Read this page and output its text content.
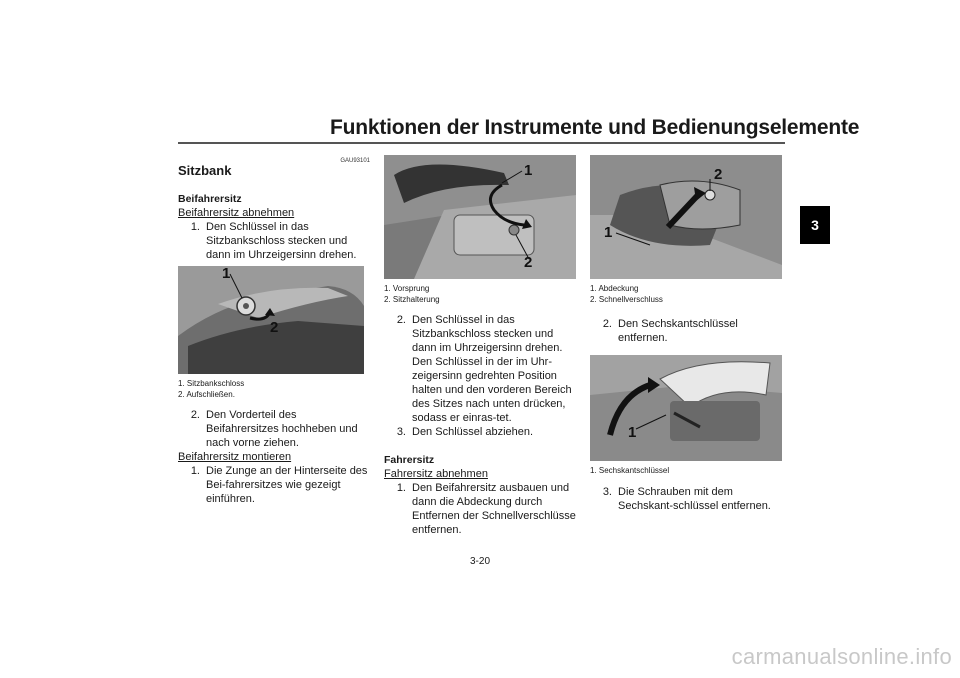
Funktionen der Instrumente und Bedienungselemente
3
GAU93101
Sitzbank
Beifahrersitz

Beifahrersitz abnehmen

1. Den Schlüssel in das Sitzbankschloss stecken und dann im Uhrzeigersinn drehen.
1
2
1. Sitzbankschloss
2. Aufschließen.
2. Den Vorderteil des Beifahrersitzes hochheben und nach vorne ziehen.

Beifahrersitz montieren

1. Die Zunge an der Hinterseite des Bei-fahrersitzes wie gezeigt einführen.
1
2
1. Vorsprung
2. Sitzhalterung
2. Den Schlüssel in das Sitzbankschloss stecken und dann im Uhrzeigersinn drehen. Den Schlüssel in der im Uhr-zeigersinn gedrehten Position halten und den vorderen Bereich des Sitzes nach unten drücken, sodass er einras-tet.
3. Den Schlüssel abziehen.
Fahrersitz

Fahrersitz abnehmen

1. Den Beifahrersitz ausbauen und dann die Abdeckung durch Entfernen der Schnellverschlüsse entfernen.
2
1
1. Abdeckung
2. Schnellverschluss
2. Den Sechskantschlüssel entfernen.
1
1. Sechskantschlüssel
3. Die Schrauben mit dem Sechskant-schlüssel entfernen.
3-20
carmanualsonline.info
